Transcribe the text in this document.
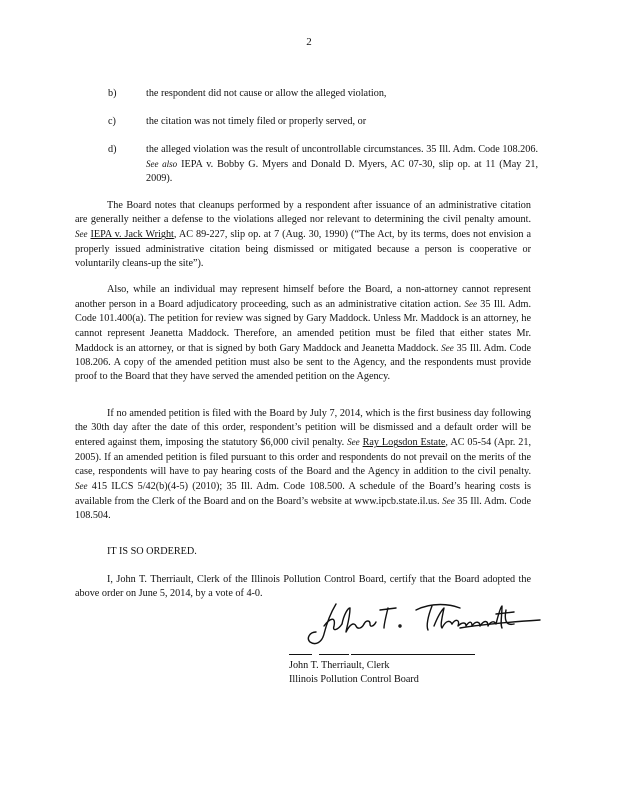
2
b)	the respondent did not cause or allow the alleged violation,
c)	the citation was not timely filed or properly served, or
d)	the alleged violation was the result of uncontrollable circumstances. 35 Ill. Adm. Code 108.206. See also IEPA v. Bobby G. Myers and Donald D. Myers, AC 07-30, slip op. at 11 (May 21, 2009).

The Board notes that cleanups performed by a respondent after issuance of an administrative citation are generally neither a defense to the violations alleged nor relevant to determining the civil penalty amount. See IEPA v. Jack Wright, AC 89-227, slip op. at 7 (Aug. 30, 1990) (“The Act, by its terms, does not envision a properly issued administrative citation being dismissed or mitigated because a person is cooperative or voluntarily cleans-up the site”).

Also, while an individual may represent himself before the Board, a non-attorney cannot represent another person in a Board adjudicatory proceeding, such as an administrative citation action. See 35 Ill. Adm. Code 101.400(a). The petition for review was signed by Gary Maddock. Unless Mr. Maddock is an attorney, he cannot represent Jeanetta Maddock. Therefore, an amended petition must be filed that either states Mr. Maddock is an attorney, or that is signed by both Gary Maddock and Jeanetta Maddock. See 35 Ill. Adm. Code 108.206. A copy of the amended petition must also be sent to the Agency, and the respondents must provide proof to the Board that they have served the amended petition on the Agency.

If no amended petition is filed with the Board by July 7, 2014, which is the first business day following the 30th day after the date of this order, respondent’s petition will be dismissed and a default order will be entered against them, imposing the statutory $6,000 civil penalty. See Ray Logsdon Estate, AC 05-54 (Apr. 21, 2005). If an amended petition is filed pursuant to this order and respondents do not prevail on the merits of the case, respondents will have to pay hearing costs of the Board and the Agency in addition to the civil penalty. See 415 ILCS 5/42(b)(4-5) (2010); 35 Ill. Adm. Code 108.500. A schedule of the Board’s hearing costs is available from the Clerk of the Board and on the Board’s website at www.ipcb.state.il.us. See 35 Ill. Adm. Code 108.504.

IT IS SO ORDERED.

I, John T. Therriault, Clerk of the Illinois Pollution Control Board, certify that the Board adopted the above order on June 5, 2014, by a vote of 4-0.

John T. Therriault, Clerk
Illinois Pollution Control Board
